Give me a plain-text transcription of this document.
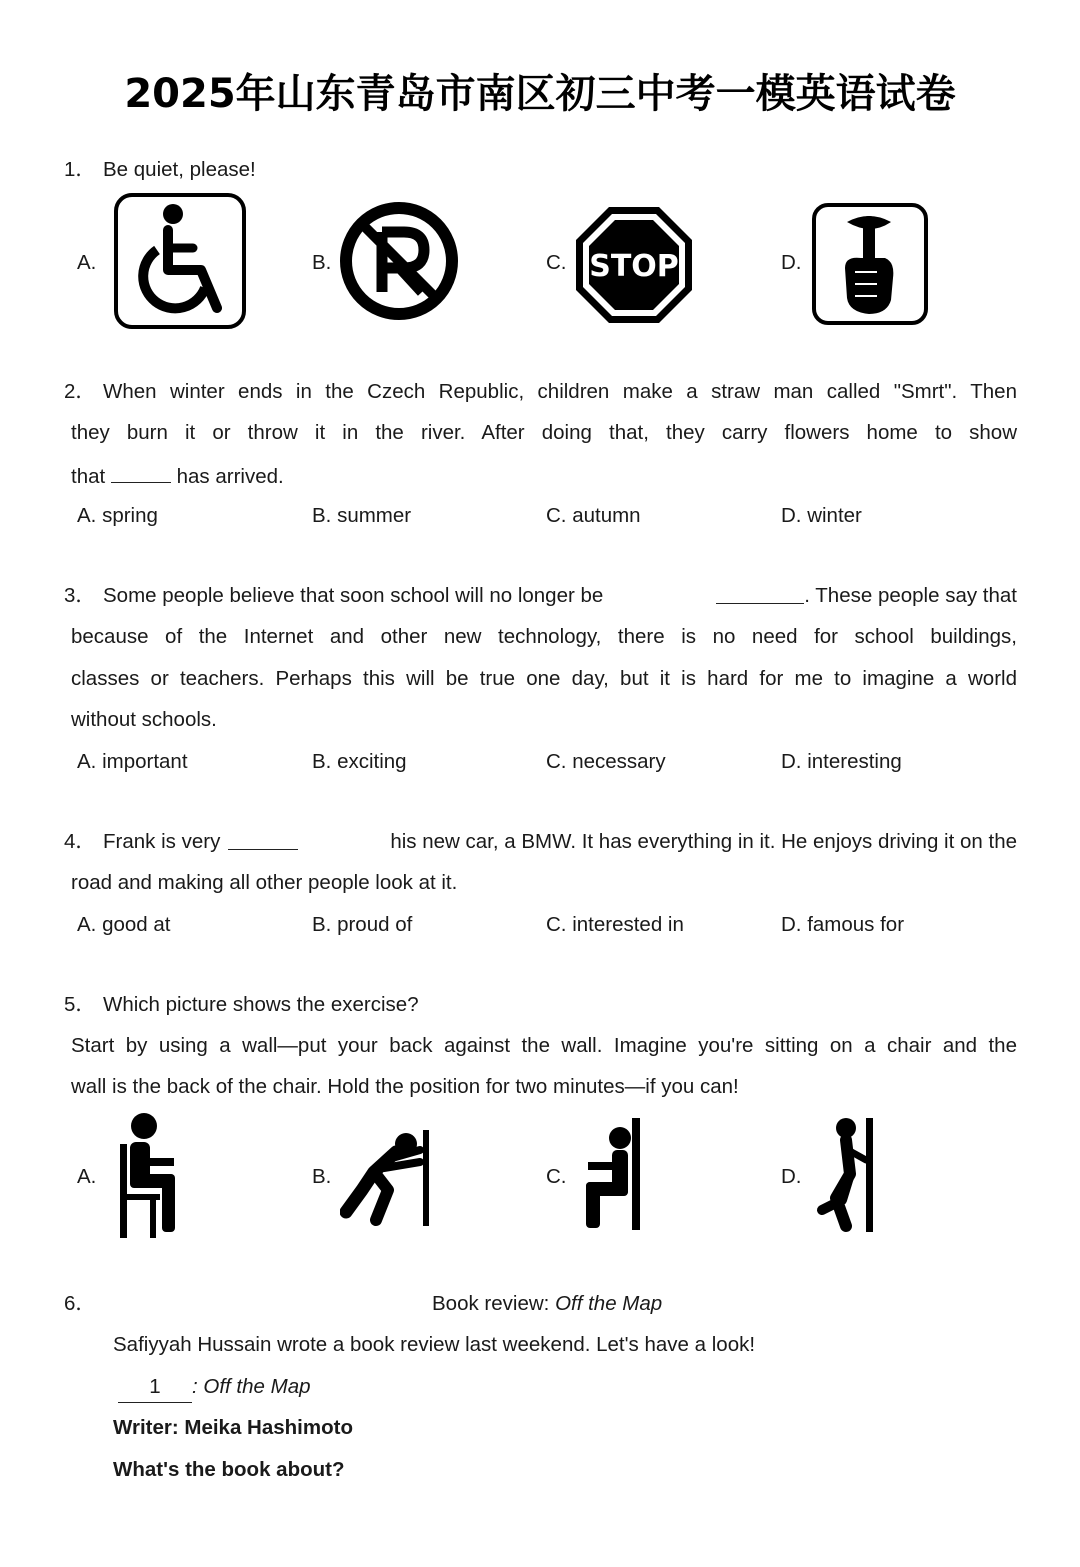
2025年山东青岛市南区初三中考一模英语试卷
1． Be quiet, please!
A.	B.	C. STOP	D.
2． When winter ends in the Czech Republic, children make a straw man called "Smrt". Then
they burn it or throw it in the river. After doing that, they carry flowers home to show
that	has arrived.
A. spring	B. summer	C. autumn	D. winter
3． Some people believe that soon school will no longer be	. These people say that
because of the Internet and other new technology, there is no need for school buildings,
classes or teachers. Perhaps this will be true one day, but it is hard for me to imagine a world
without schools.
A. important	B. exciting	C. necessary	D. interesting
4． Frank is very	his new car, a BMW. It has everything in it. He enjoys driving it on the
road and making all other people look at it.
A. good at	B. proud of	C. interested in	D. famous for
5． Which picture shows the exercise?
Start by using a wall—put your back against the wall. Imagine you're sitting on a chair and the
wall is the back of the chair. Hold the position for two minutes—if you can!
A.	B.	C.	D.
6．	Book review: Off the Map
Safiyyah Hussain wrote a book review last weekend. Let's have a look!
1 : Off the Map
Writer: Meika Hashimoto
What's the book about?
